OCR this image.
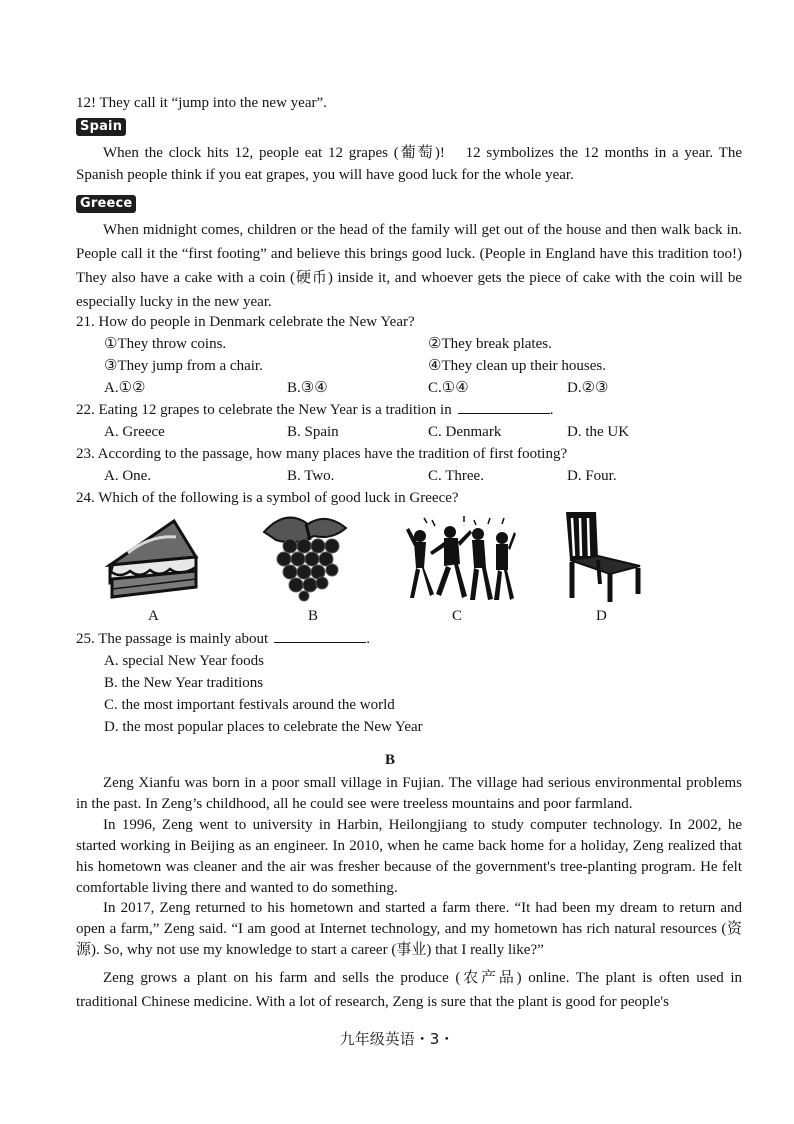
12! They call it “jump into the new year”.
Spain
When the clock hits 12, people eat 12 grapes (葡萄)!  12 symbolizes the 12 months in a year. The Spanish people think if you eat grapes, you will have good luck for the whole year.
Greece
When midnight comes, children or the head of the family will get out of the house and then walk back in. People call it the “first footing” and believe this brings good luck. (People in England have this tradition too!) They also have a cake with a coin (硬币) inside it, and whoever gets the piece of cake with the coin will be especially lucky in the new year.
21. How do people in Denmark celebrate the New Year?
①They throw coins.	②They break plates.
③They jump from a chair.	④They clean up their houses.
A.①②	B.③④	C.①④	D.②③
22. Eating 12 grapes to celebrate the New Year is a tradition in	.
A. Greece	B. Spain	C. Denmark	D. the UK
23. According to the passage, how many places have the tradition of first footing?
A. One.	B. Two.	C. Three.	D. Four.
24. Which of the following is a symbol of good luck in Greece?
A	B	C	D
25. The passage is mainly about	.
A. special New Year foods
B. the New Year traditions
C. the most important festivals around the world
D. the most popular places to celebrate the New Year
B
Zeng Xianfu was born in a poor small village in Fujian. The village had serious environmental problems in the past. In Zeng’s childhood, all he could see were treeless mountains and poor farmland.
In 1996, Zeng went to university in Harbin, Heilongjiang to study computer technology. In 2002, he started working in Beijing as an engineer. In 2010, when he came back home for a holiday, Zeng realized that his hometown was cleaner and the air was fresher because of the government's tree-planting program. He felt comfortable living there and wanted to do something.
In 2017, Zeng returned to his hometown and started a farm there. “It had been my dream to return and open a farm,” Zeng said. “I am good at Internet technology, and my hometown has rich natural resources (资源). So, why not use my knowledge to start a career (事业) that I really like?”
Zeng grows a plant on his farm and sells the produce (农产品) online. The plant is often used in traditional Chinese medicine. With a lot of research, Zeng is sure that the plant is good for people's
九年级英语・3・
